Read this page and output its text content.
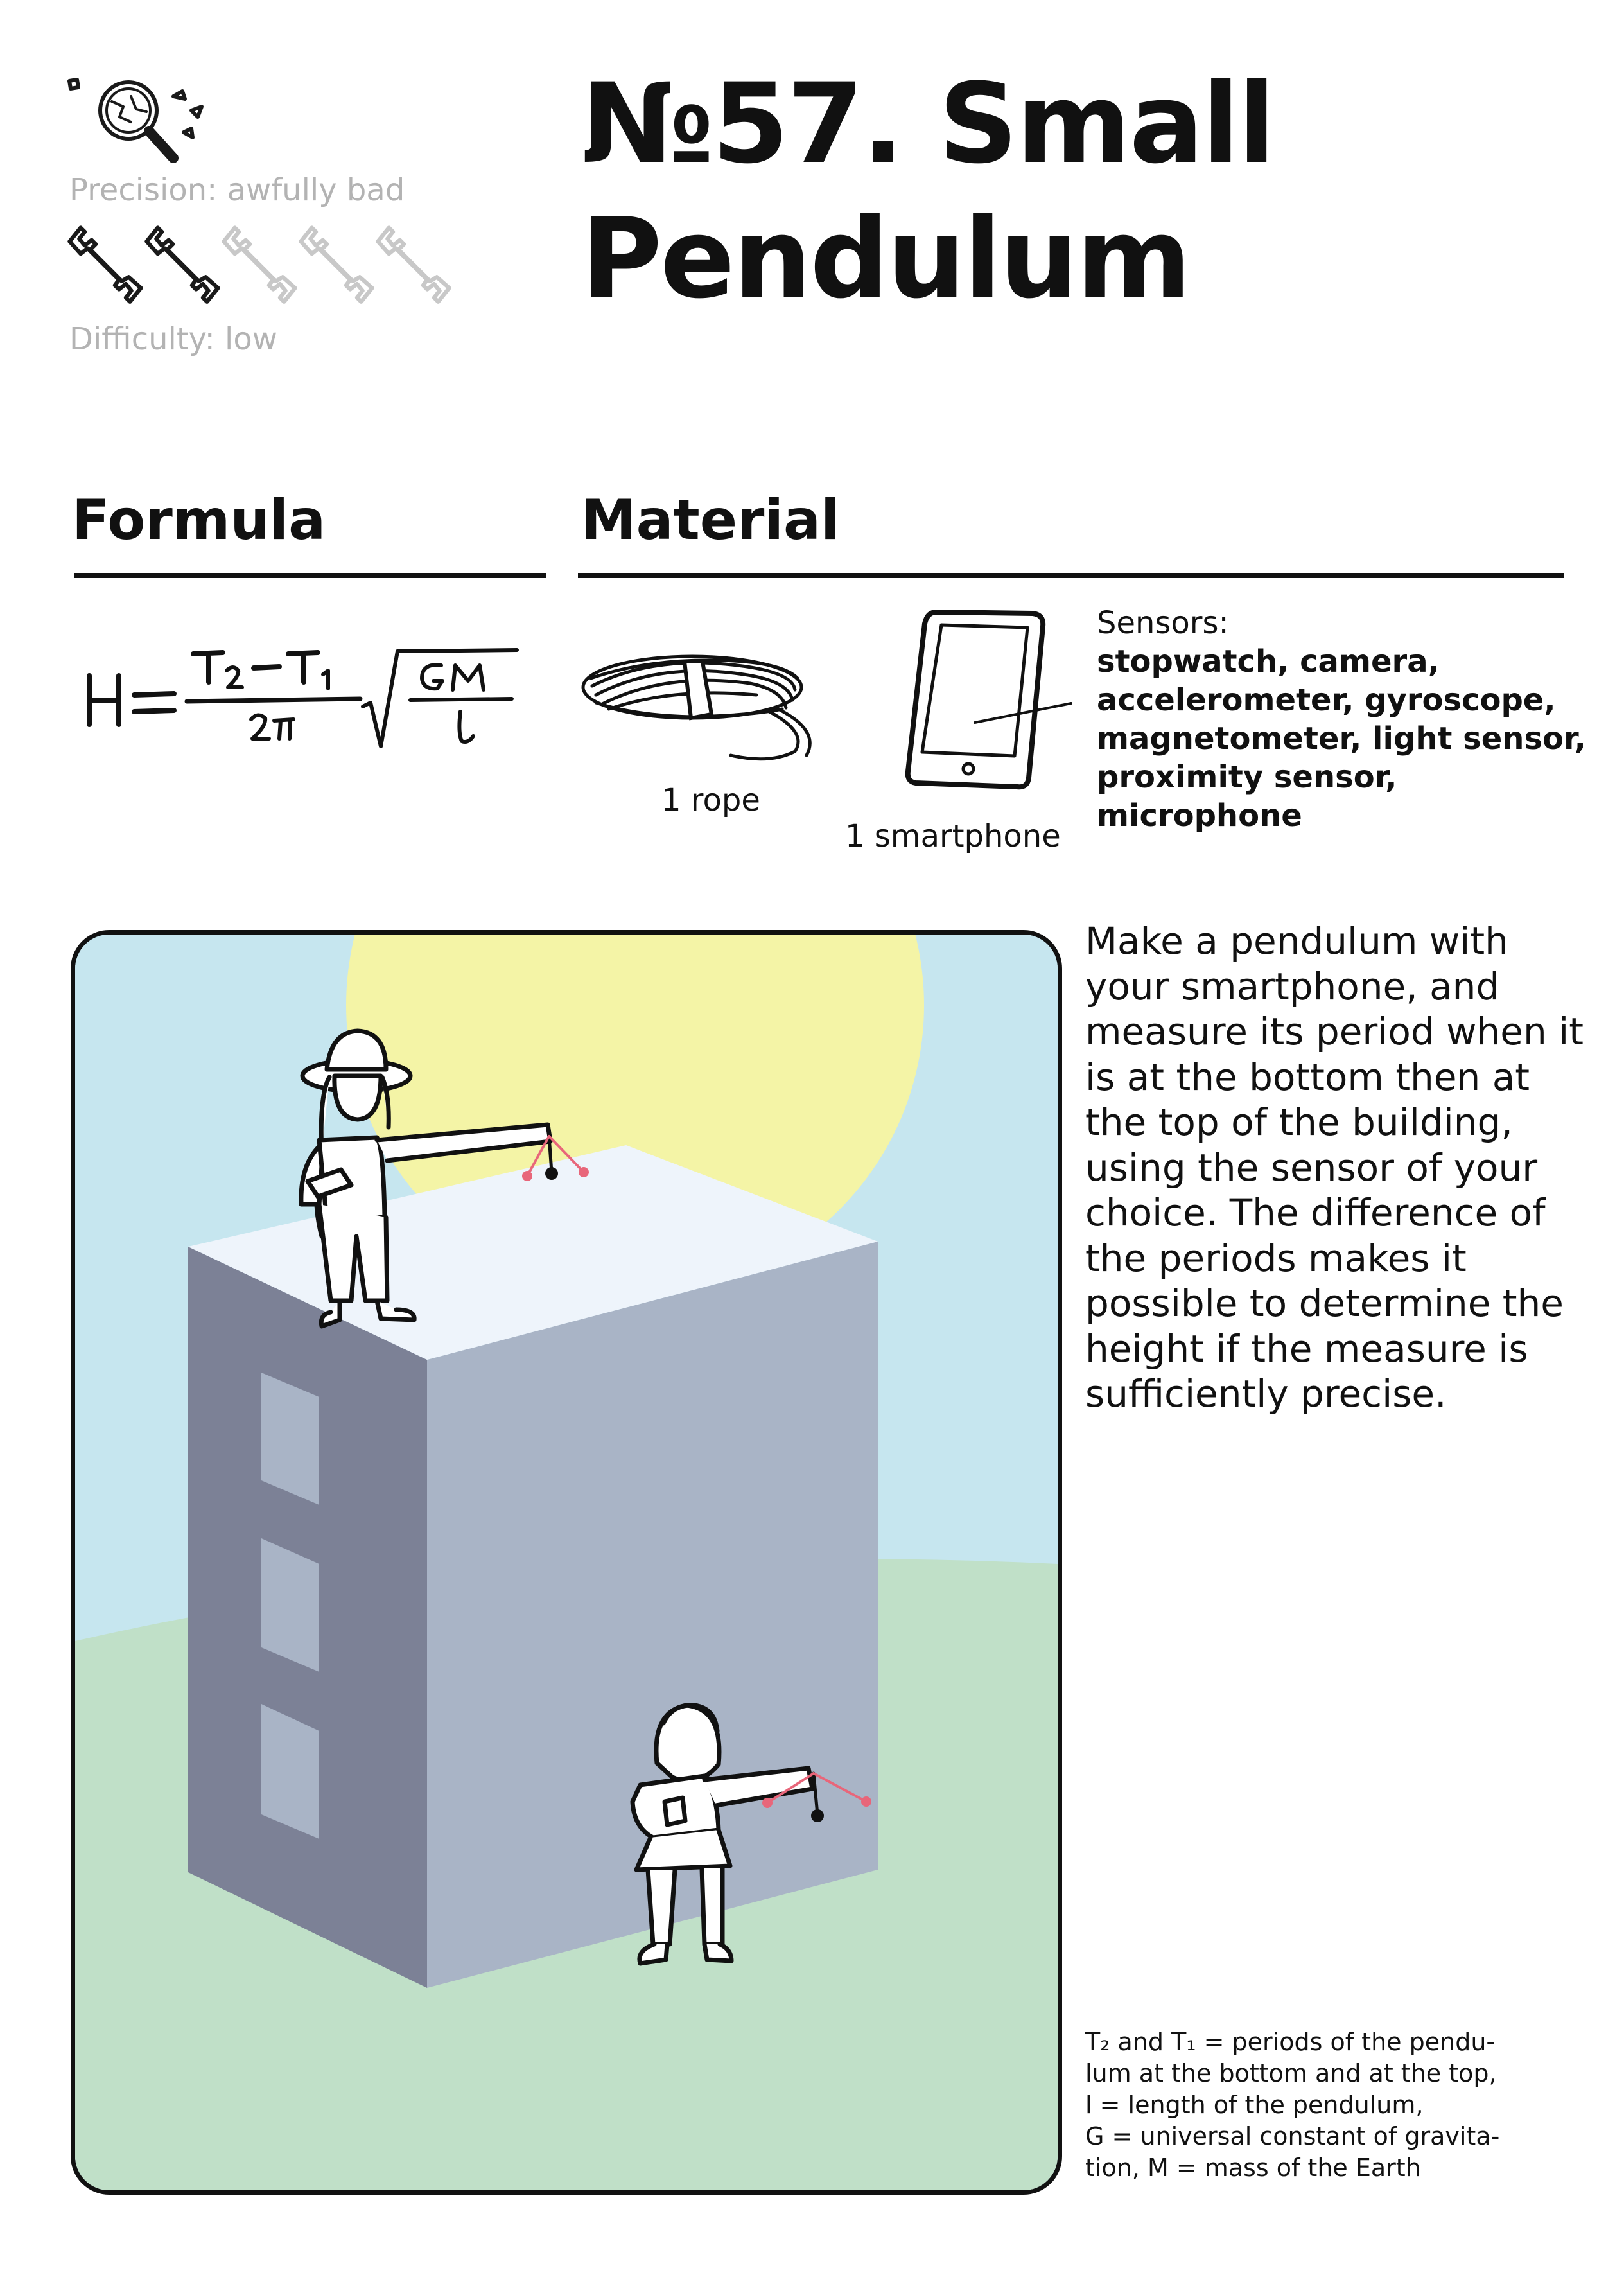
Precision: awfully bad
Difficulty: low
№57. Small
Pendulum
Formula	Material
1 rope
1 smartphone
Sensors:
stopwatch, camera, accelerometer, gyroscope, magnetometer, light sensor, proximity sensor, microphone

Make a pendulum with your smartphone, and measure its period when it is at the bottom then at the top of the building, using the sensor of your choice. The difference of the periods makes it possible to determine the height if the measure is sufficiently precise.

T₂ and T₁ = periods of the pendu-
lum at the bottom and at the top,
l = length of the pendulum,
G = universal constant of gravita-
tion, M = mass of the Earth
